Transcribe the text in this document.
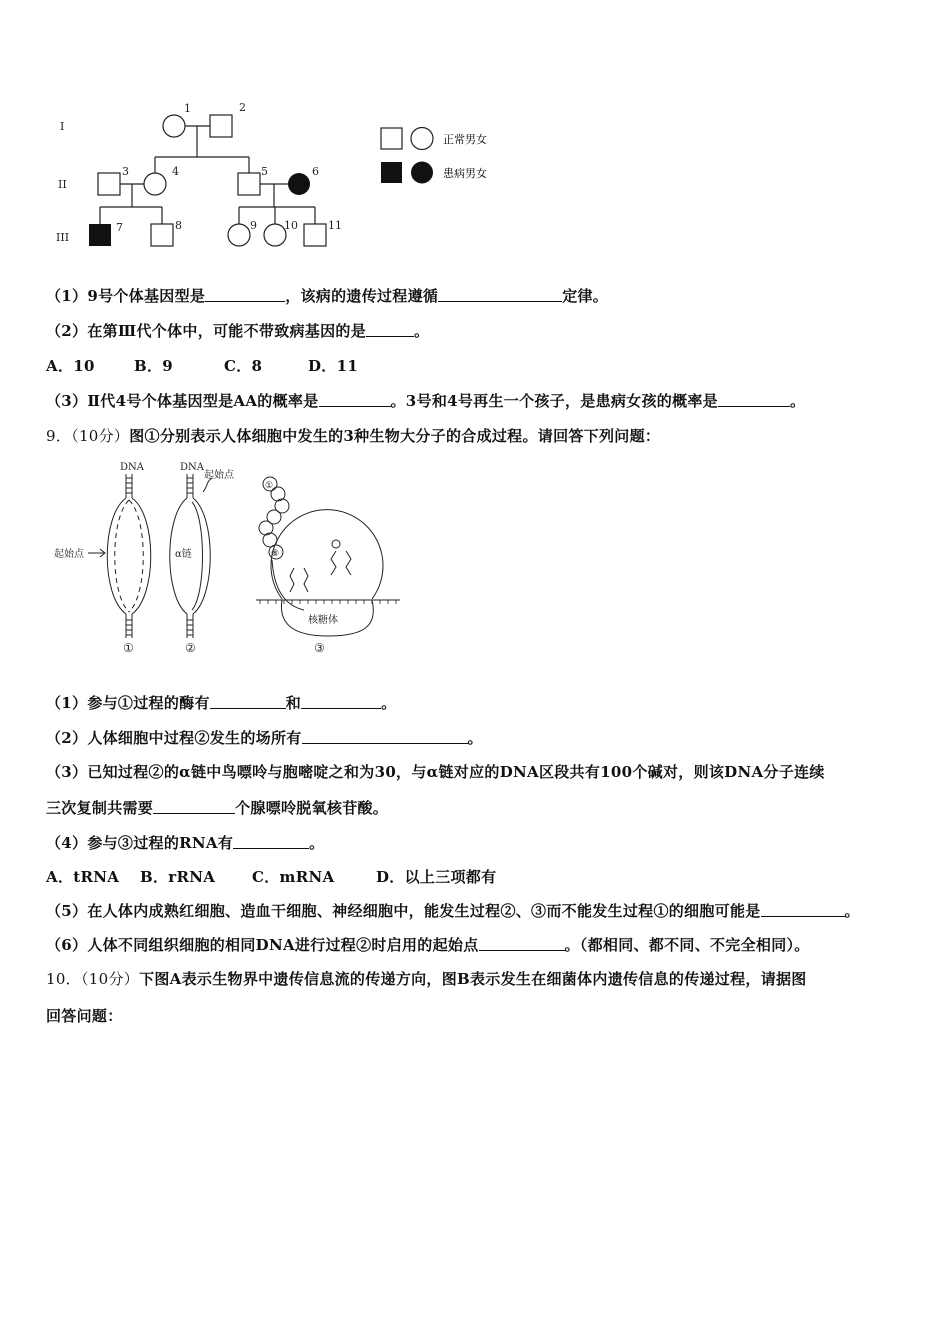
I
II
III
1	2
3	4	5	6
7	8	9 10	11
正常男女
患病男女
（1）9号个体基因型是	，该病的遗传过程遵循	定律。
（2）在第Ⅲ代个体中，可能不带致病基因的是	。
A．10	B．9	C．8	D．11
（3）Ⅱ代4号个体基因型是AA的概率是	。3号和4号再生一个孩子，是患病女孩的概率是	。
9．（10分）图①分别表示人体细胞中发生的3种生物大分子的合成过程。请回答下列问题：
DNA
起始点
①
DNA
起始点
α链
②
①
⑧
核糖体
③
（1）参与①过程的酶有	和	。
（2）人体细胞中过程②发生的场所有	。
（3）已知过程②的α链中鸟嘌呤与胞嘧啶之和为30，与α链对应的DNA区段共有100个碱对，则该DNA分子连续
三次复制共需要	个腺嘌呤脱氧核苷酸。
（4）参与③过程的RNA有	。
A．tRNA B．rRNA C．mRNA	D．以上三项都有
（5）在人体内成熟红细胞、造血干细胞、神经细胞中，能发生过程②、③而不能发生过程①的细胞可能是	。
（6）人体不同组织细胞的相同DNA进行过程②时启用的起始点	。（都相同、都不同、不完全相同）。
10．（10分）下图A表示生物界中遗传信息流的传递方向，图B表示发生在细菌体内遗传信息的传递过程，请据图
回答问题：
